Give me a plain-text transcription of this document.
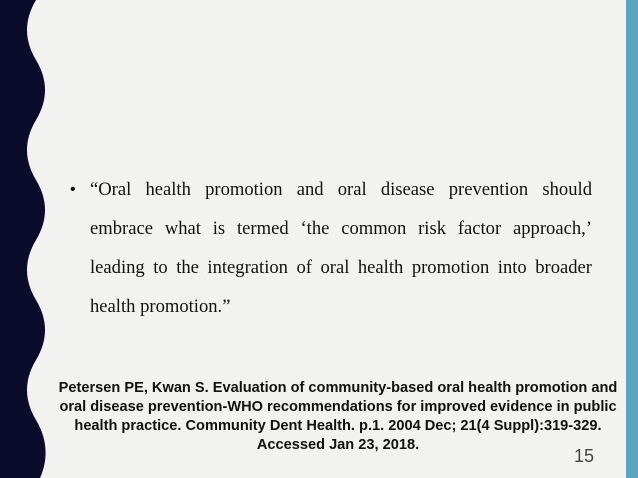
• “Oral health promotion and oral disease prevention should embrace what is termed ‘the common risk factor approach,’ leading to the integration of oral health promotion into broader health promotion.”
Petersen PE, Kwan S. Evaluation of community-based oral health promotion and oral disease prevention-WHO recommendations for improved evidence in public health practice. Community Dent Health. p.1. 2004 Dec; 21(4 Suppl):319-329. Accessed Jan 23, 2018.
15
